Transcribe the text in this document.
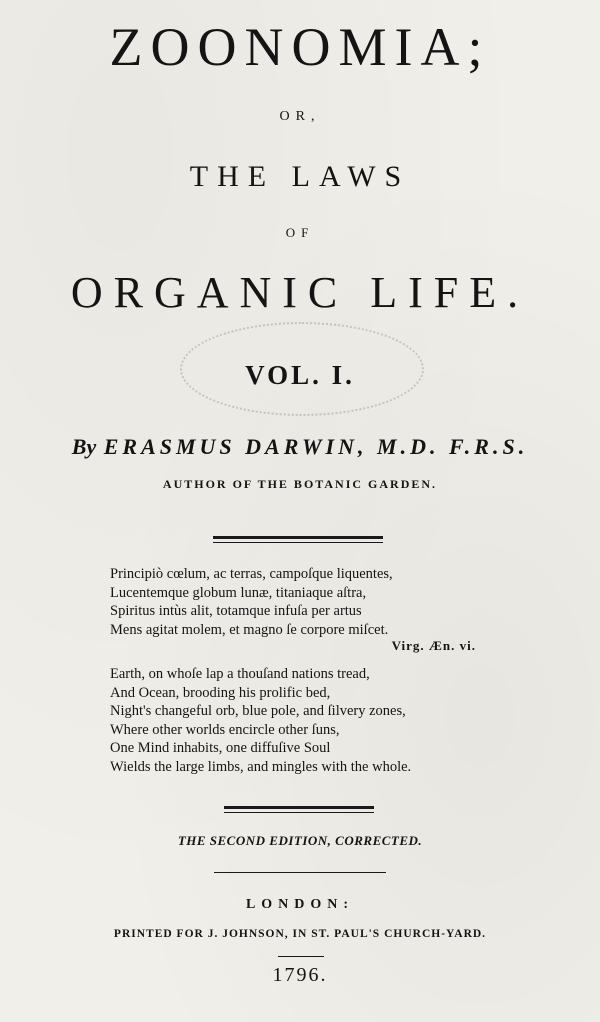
ZOONOMIA;
OR,
THE LAWS
OF
ORGANIC LIFE.
VOL. I.
By ERASMUS DARWIN, M.D. F.R.S.
AUTHOR OF THE BOTANIC GARDEN.
Principiò cœlum, ac terras, campoſque liquentes,
Lucentemque globum lunæ, titaniaque aſtra,
Spiritus intùs alit, totamque infuſa per artus
Mens agitat molem, et magno ſe corpore miſcet.
Virg. Æn. vi.
Earth, on whoſe lap a thouſand nations tread,
And Ocean, brooding his prolific bed,
Night's changeful orb, blue pole, and ſilvery zones,
Where other worlds encircle other ſuns,
One Mind inhabits, one diffuſive Soul
Wields the large limbs, and mingles with the whole.
THE SECOND EDITION, CORRECTED.
LONDON:
PRINTED FOR J. JOHNSON, IN ST. PAUL'S CHURCH-YARD.
1796.
